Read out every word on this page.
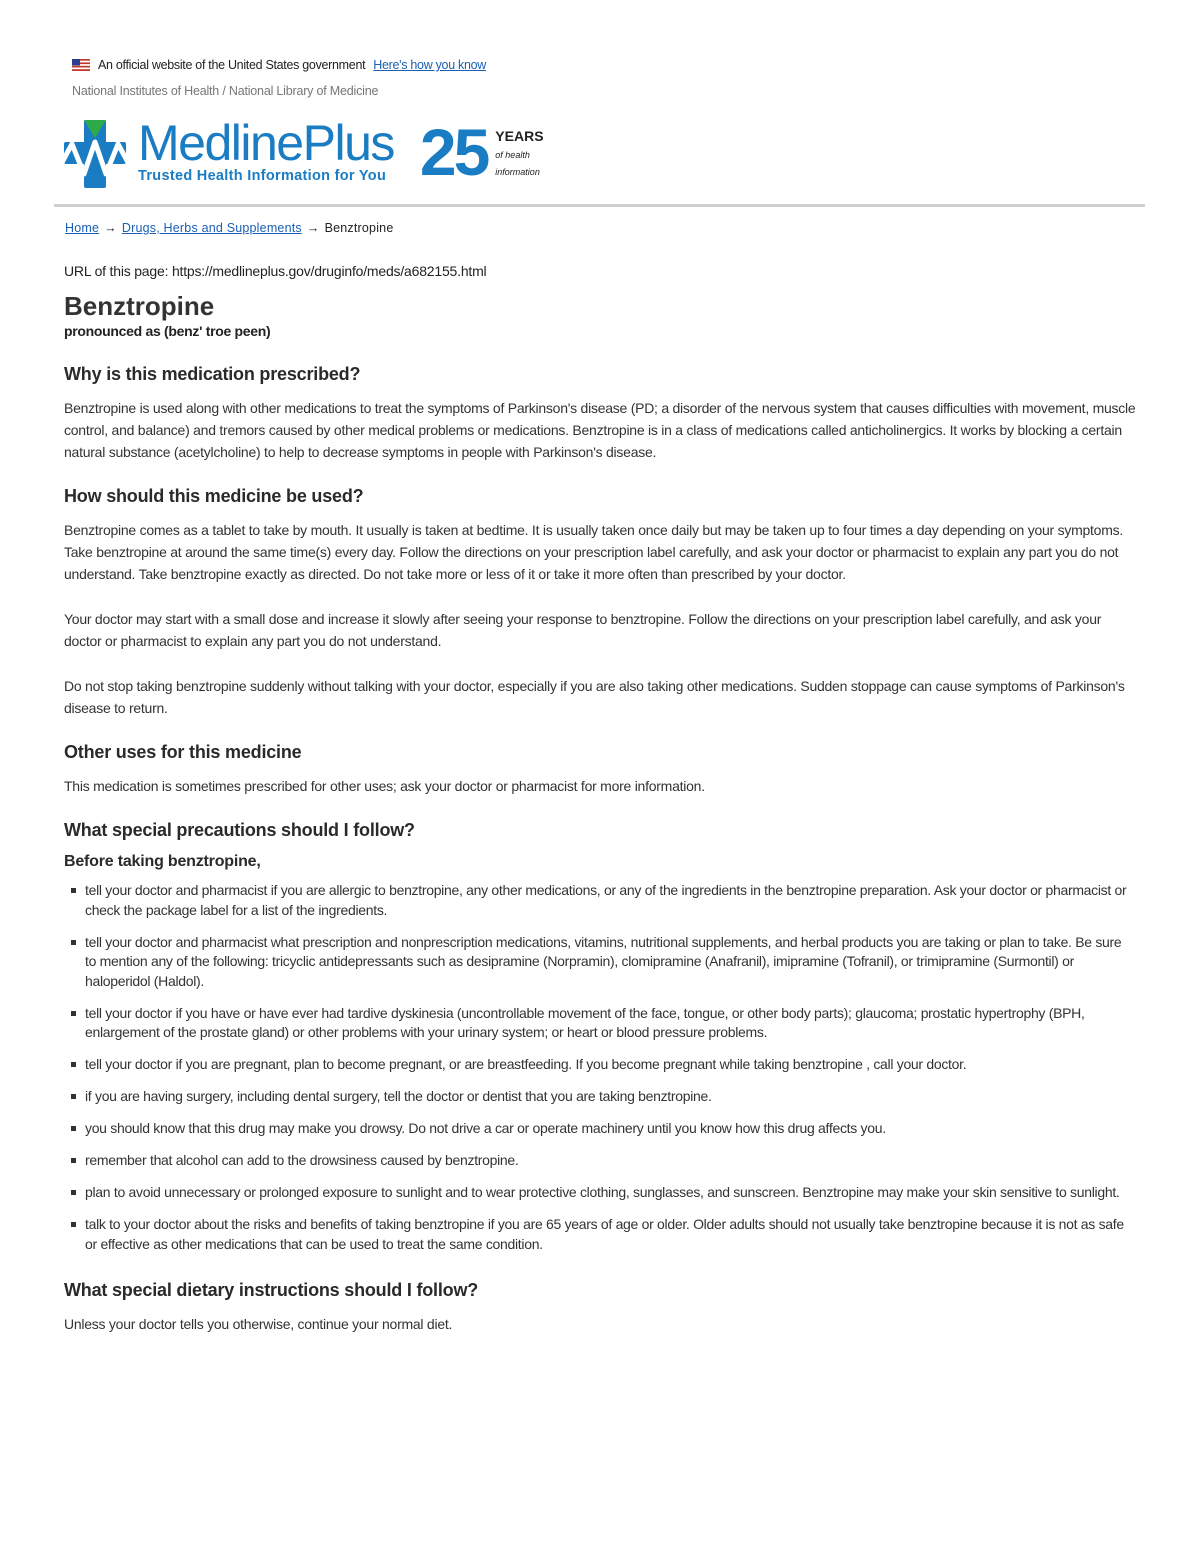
An official website of the United States government Here's how you know
National Institutes of Health / National Library of Medicine
MedlinePlus
Trusted Health Information for You 25 YEARS
of health
information
Home → Drugs, Herbs and Supplements → Benztropine
URL of this page: https://medlineplus.gov/druginfo/meds/a682155.html
Benztropine
pronounced as (benz' troe peen)
Why is this medication prescribed?

Benztropine is used along with other medications to treat the symptoms of Parkinson's disease (PD; a disorder of the nervous system that causes difficulties with movement, muscle control, and balance) and tremors caused by other medical problems or medications. Benztropine is in a class of medications called anticholinergics. It works by blocking a certain natural substance (acetylcholine) to help to decrease symptoms in people with Parkinson's disease.

How should this medicine be used?

Benztropine comes as a tablet to take by mouth. It usually is taken at bedtime. It is usually taken once daily but may be taken up to four times a day depending on your symptoms. Take benztropine at around the same time(s) every day. Follow the directions on your prescription label carefully, and ask your doctor or pharmacist to explain any part you do not understand. Take benztropine exactly as directed. Do not take more or less of it or take it more often than prescribed by your doctor.

Your doctor may start with a small dose and increase it slowly after seeing your response to benztropine. Follow the directions on your prescription label carefully, and ask your doctor or pharmacist to explain any part you do not understand.

Do not stop taking benztropine suddenly without talking with your doctor, especially if you are also taking other medications. Sudden stoppage can cause symptoms of Parkinson's disease to return.

Other uses for this medicine

This medication is sometimes prescribed for other uses; ask your doctor or pharmacist for more information.

What special precautions should I follow?
Before taking benztropine,
tell your doctor and pharmacist if you are allergic to benztropine, any other medications, or any of the ingredients in the benztropine preparation. Ask your doctor or pharmacist or check the package label for a list of the ingredients.
tell your doctor and pharmacist what prescription and nonprescription medications, vitamins, nutritional supplements, and herbal products you are taking or plan to take. Be sure to mention any of the following: tricyclic antidepressants such as desipramine (Norpramin), clomipramine (Anafranil), imipramine (Tofranil), or trimipramine (Surmontil) or haloperidol (Haldol).
tell your doctor if you have or have ever had tardive dyskinesia (uncontrollable movement of the face, tongue, or other body parts); glaucoma; prostatic hypertrophy (BPH, enlargement of the prostate gland) or other problems with your urinary system; or heart or blood pressure problems.
tell your doctor if you are pregnant, plan to become pregnant, or are breastfeeding. If you become pregnant while taking benztropine , call your doctor.
if you are having surgery, including dental surgery, tell the doctor or dentist that you are taking benztropine.
you should know that this drug may make you drowsy. Do not drive a car or operate machinery until you know how this drug affects you.
remember that alcohol can add to the drowsiness caused by benztropine.
plan to avoid unnecessary or prolonged exposure to sunlight and to wear protective clothing, sunglasses, and sunscreen. Benztropine may make your skin sensitive to sunlight.
talk to your doctor about the risks and benefits of taking benztropine if you are 65 years of age or older. Older adults should not usually take benztropine because it is not as safe or effective as other medications that can be used to treat the same condition.
What special dietary instructions should I follow?

Unless your doctor tells you otherwise, continue your normal diet.
